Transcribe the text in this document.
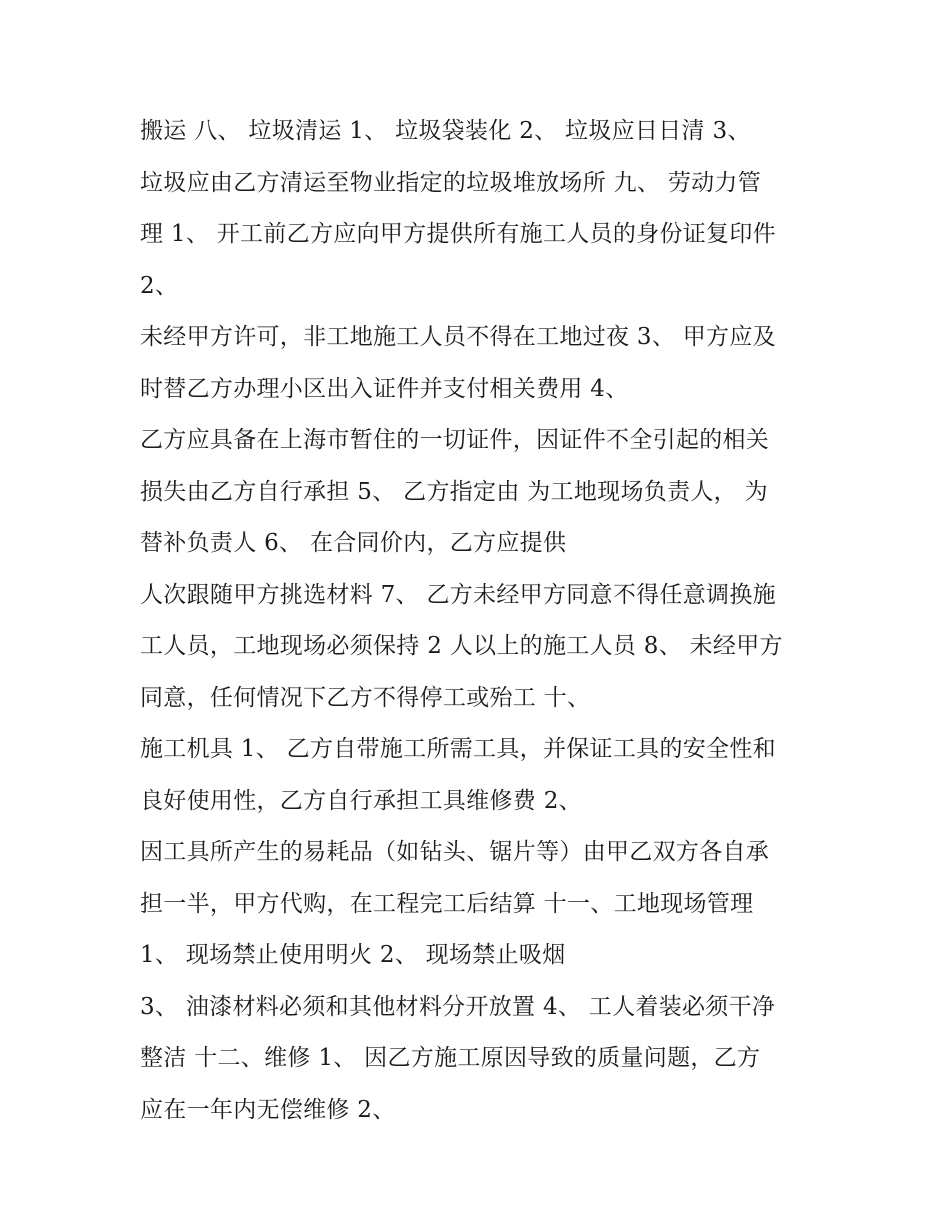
搬运 八、 垃圾清运 1、 垃圾袋装化 2、 垃圾应日日清 3、
垃圾应由乙方清运至物业指定的垃圾堆放场所 九、 劳动力管
理 1、 开工前乙方应向甲方提供所有施工人员的身份证复印件
2、
未经甲方许可，非工地施工人员不得在工地过夜 3、 甲方应及
时替乙方办理小区出入证件并支付相关费用 4、
乙方应具备在上海市暂住的一切证件，因证件不全引起的相关
损失由乙方自行承担 5、 乙方指定由 为工地现场负责人， 为
替补负责人 6、 在合同价内，乙方应提供
人次跟随甲方挑选材料 7、 乙方未经甲方同意不得任意调换施
工人员，工地现场必须保持 2 人以上的施工人员 8、 未经甲方
同意，任何情况下乙方不得停工或殆工 十、
施工机具 1、 乙方自带施工所需工具，并保证工具的安全性和
良好使用性，乙方自行承担工具维修费 2、
因工具所产生的易耗品（如钻头、锯片等）由甲乙双方各自承
担一半，甲方代购，在工程完工后结算 十一、工地现场管理
1、 现场禁止使用明火 2、 现场禁止吸烟
3、 油漆材料必须和其他材料分开放置 4、 工人着装必须干净
整洁 十二、维修 1、 因乙方施工原因导致的质量问题，乙方
应在一年内无偿维修 2、
